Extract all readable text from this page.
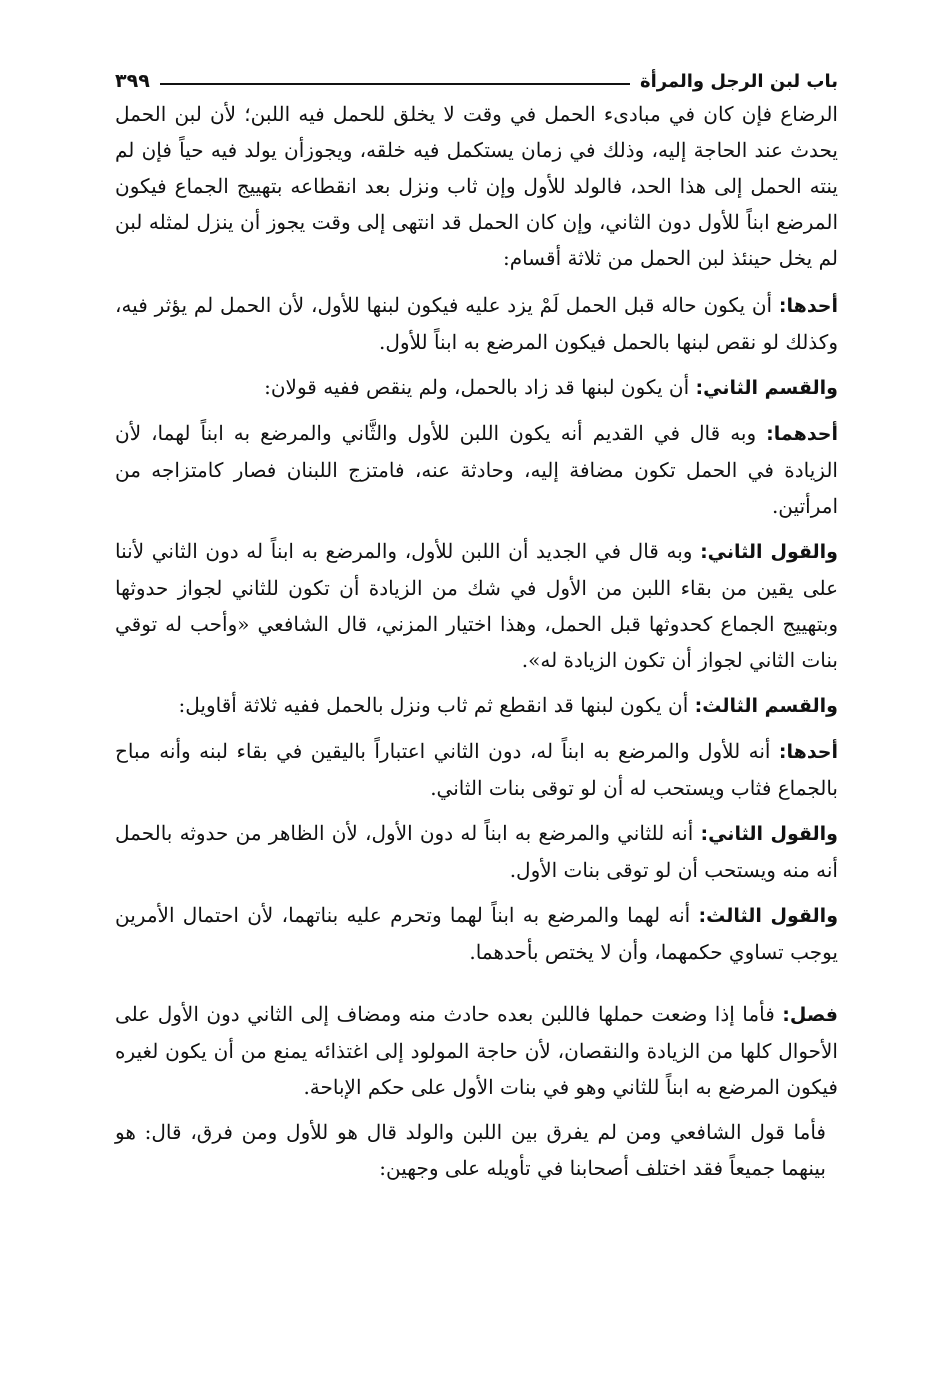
باب لبن الرجل والمرأة
٣٩٩

الرضاع فإن كان في مبادىء الحمل في وقت لا يخلق للحمل فيه اللبن؛ لأن لبن الحمل يحدث عند الحاجة إليه، وذلك في زمان يستكمل فيه خلقه، ويجوزأن يولد فيه حياً فإن لم ينته الحمل إلى هذا الحد، فالولد للأول وإن ثاب ونزل بعد انقطاعه بتهييج الجماع فيكون المرضع ابناً للأول دون الثاني، وإن كان الحمل قد انتهى إلى وقت يجوز أن ينزل لمثله لبن لم يخل حينئذ لبن الحمل من ثلاثة أقسام:

أحدها: أن يكون حاله قبل الحمل لَمْ يزد عليه فيكون لبنها للأول، لأن الحمل لم يؤثر فيه، وكذلك لو نقص لبنها بالحمل فيكون المرضع به ابناً للأول.

والقسم الثاني: أن يكون لبنها قد زاد بالحمل، ولم ينقص ففيه قولان:

أحدهما: وبه قال في القديم أنه يكون اللبن للأول والثَّاني والمرضع به ابناً لهما، لأن الزيادة في الحمل تكون مضافة إليه، وحادثة عنه، فامتزج اللبنان فصار كامتزاجه من امرأتين.

والقول الثاني: وبه قال في الجديد أن اللبن للأول، والمرضع به ابناً له دون الثاني لأننا على يقين من بقاء اللبن من الأول في شك من الزيادة أن تكون للثاني لجواز حدوثها وبتهييج الجماع كحدوثها قبل الحمل، وهذا اختيار المزني، قال الشافعي «وأحب له توقي بنات الثاني لجواز أن تكون الزيادة له».

والقسم الثالث: أن يكون لبنها قد انقطع ثم ثاب ونزل بالحمل ففيه ثلاثة أقاويل:

أحدها: أنه للأول والمرضع به ابناً له، دون الثاني اعتباراً باليقين في بقاء لبنه وأنه مباح بالجماع فثاب ويستحب له أن لو توقى بنات الثاني.

والقول الثاني: أنه للثاني والمرضع به ابناً له دون الأول، لأن الظاهر من حدوثه بالحمل أنه منه ويستحب أن لو توقى بنات الأول.

والقول الثالث: أنه لهما والمرضع به ابناً لهما وتحرم عليه بناتهما، لأن احتمال الأمرين يوجب تساوي حكمهما، وأن لا يختص بأحدهما.

فصل: فأما إذا وضعت حملها فاللبن بعده حادث منه ومضاف إلى الثاني دون الأول على الأحوال كلها من الزيادة والنقصان، لأن حاجة المولود إلى اغتذائه يمنع من أن يكون لغيره فيكون المرضع به ابناً للثاني وهو في بنات الأول على حكم الإباحة.

فأما قول الشافعي ومن لم يفرق بين اللبن والولد قال هو للأول ومن فرق، قال: هو بينهما جميعاً فقد اختلف أصحابنا في تأويله على وجهين:
